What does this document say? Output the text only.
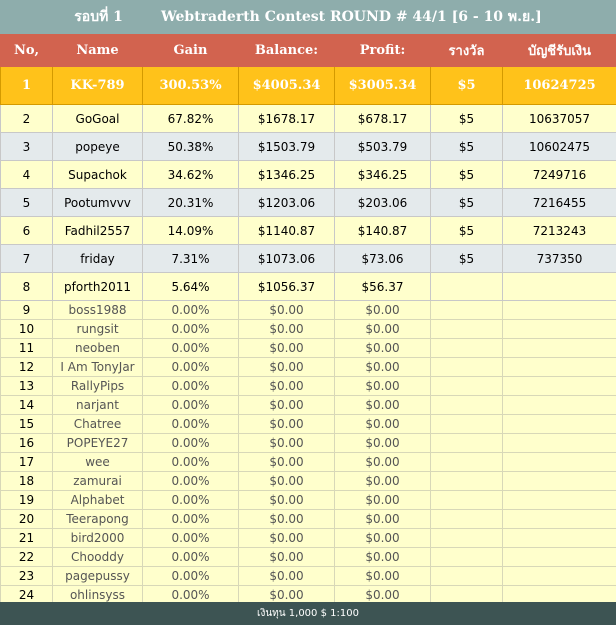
รอบที่ 1	Webtraderth Contest ROUND # 44/1 [6 - 10 พ.ย.]
No,	Name	Gain	Balance:	Profit:	รางวัล	บัญชีรับเงิน
1	KK-789	300.53%	$4005.34	$3005.34	$5	10624725
2	GoGoal	67.82%	$1678.17	$678.17	$5	10637057
3	popeye	50.38%	$1503.79	$503.79	$5	10602475
4	Supachok	34.62%	$1346.25	$346.25	$5	7249716
5	Pootumvvv	20.31%	$1203.06	$203.06	$5	7216455
6	Fadhil2557	14.09%	$1140.87	$140.87	$5	7213243
7	friday	7.31%	$1073.06	$73.06	$5	737350
8	pforth2011	5.64%	$1056.37	$56.37		
9	boss1988	0.00%	$0.00	$0.00		
10	rungsit	0.00%	$0.00	$0.00		
11	neoben	0.00%	$0.00	$0.00		
12	I Am TonyJar	0.00%	$0.00	$0.00		
13	RallyPips	0.00%	$0.00	$0.00		
14	narjant	0.00%	$0.00	$0.00		
15	Chatree	0.00%	$0.00	$0.00		
16	POPEYE27	0.00%	$0.00	$0.00		
17	wee	0.00%	$0.00	$0.00		
18	zamurai	0.00%	$0.00	$0.00		
19	Alphabet	0.00%	$0.00	$0.00		
20	Teerapong	0.00%	$0.00	$0.00		
21	bird2000	0.00%	$0.00	$0.00		
22	Chooddy	0.00%	$0.00	$0.00		
23	pagepussy	0.00%	$0.00	$0.00		
24	ohlinsyss	0.00%	$0.00	$0.00		
เงินทุน 1,000 $ 1:100
